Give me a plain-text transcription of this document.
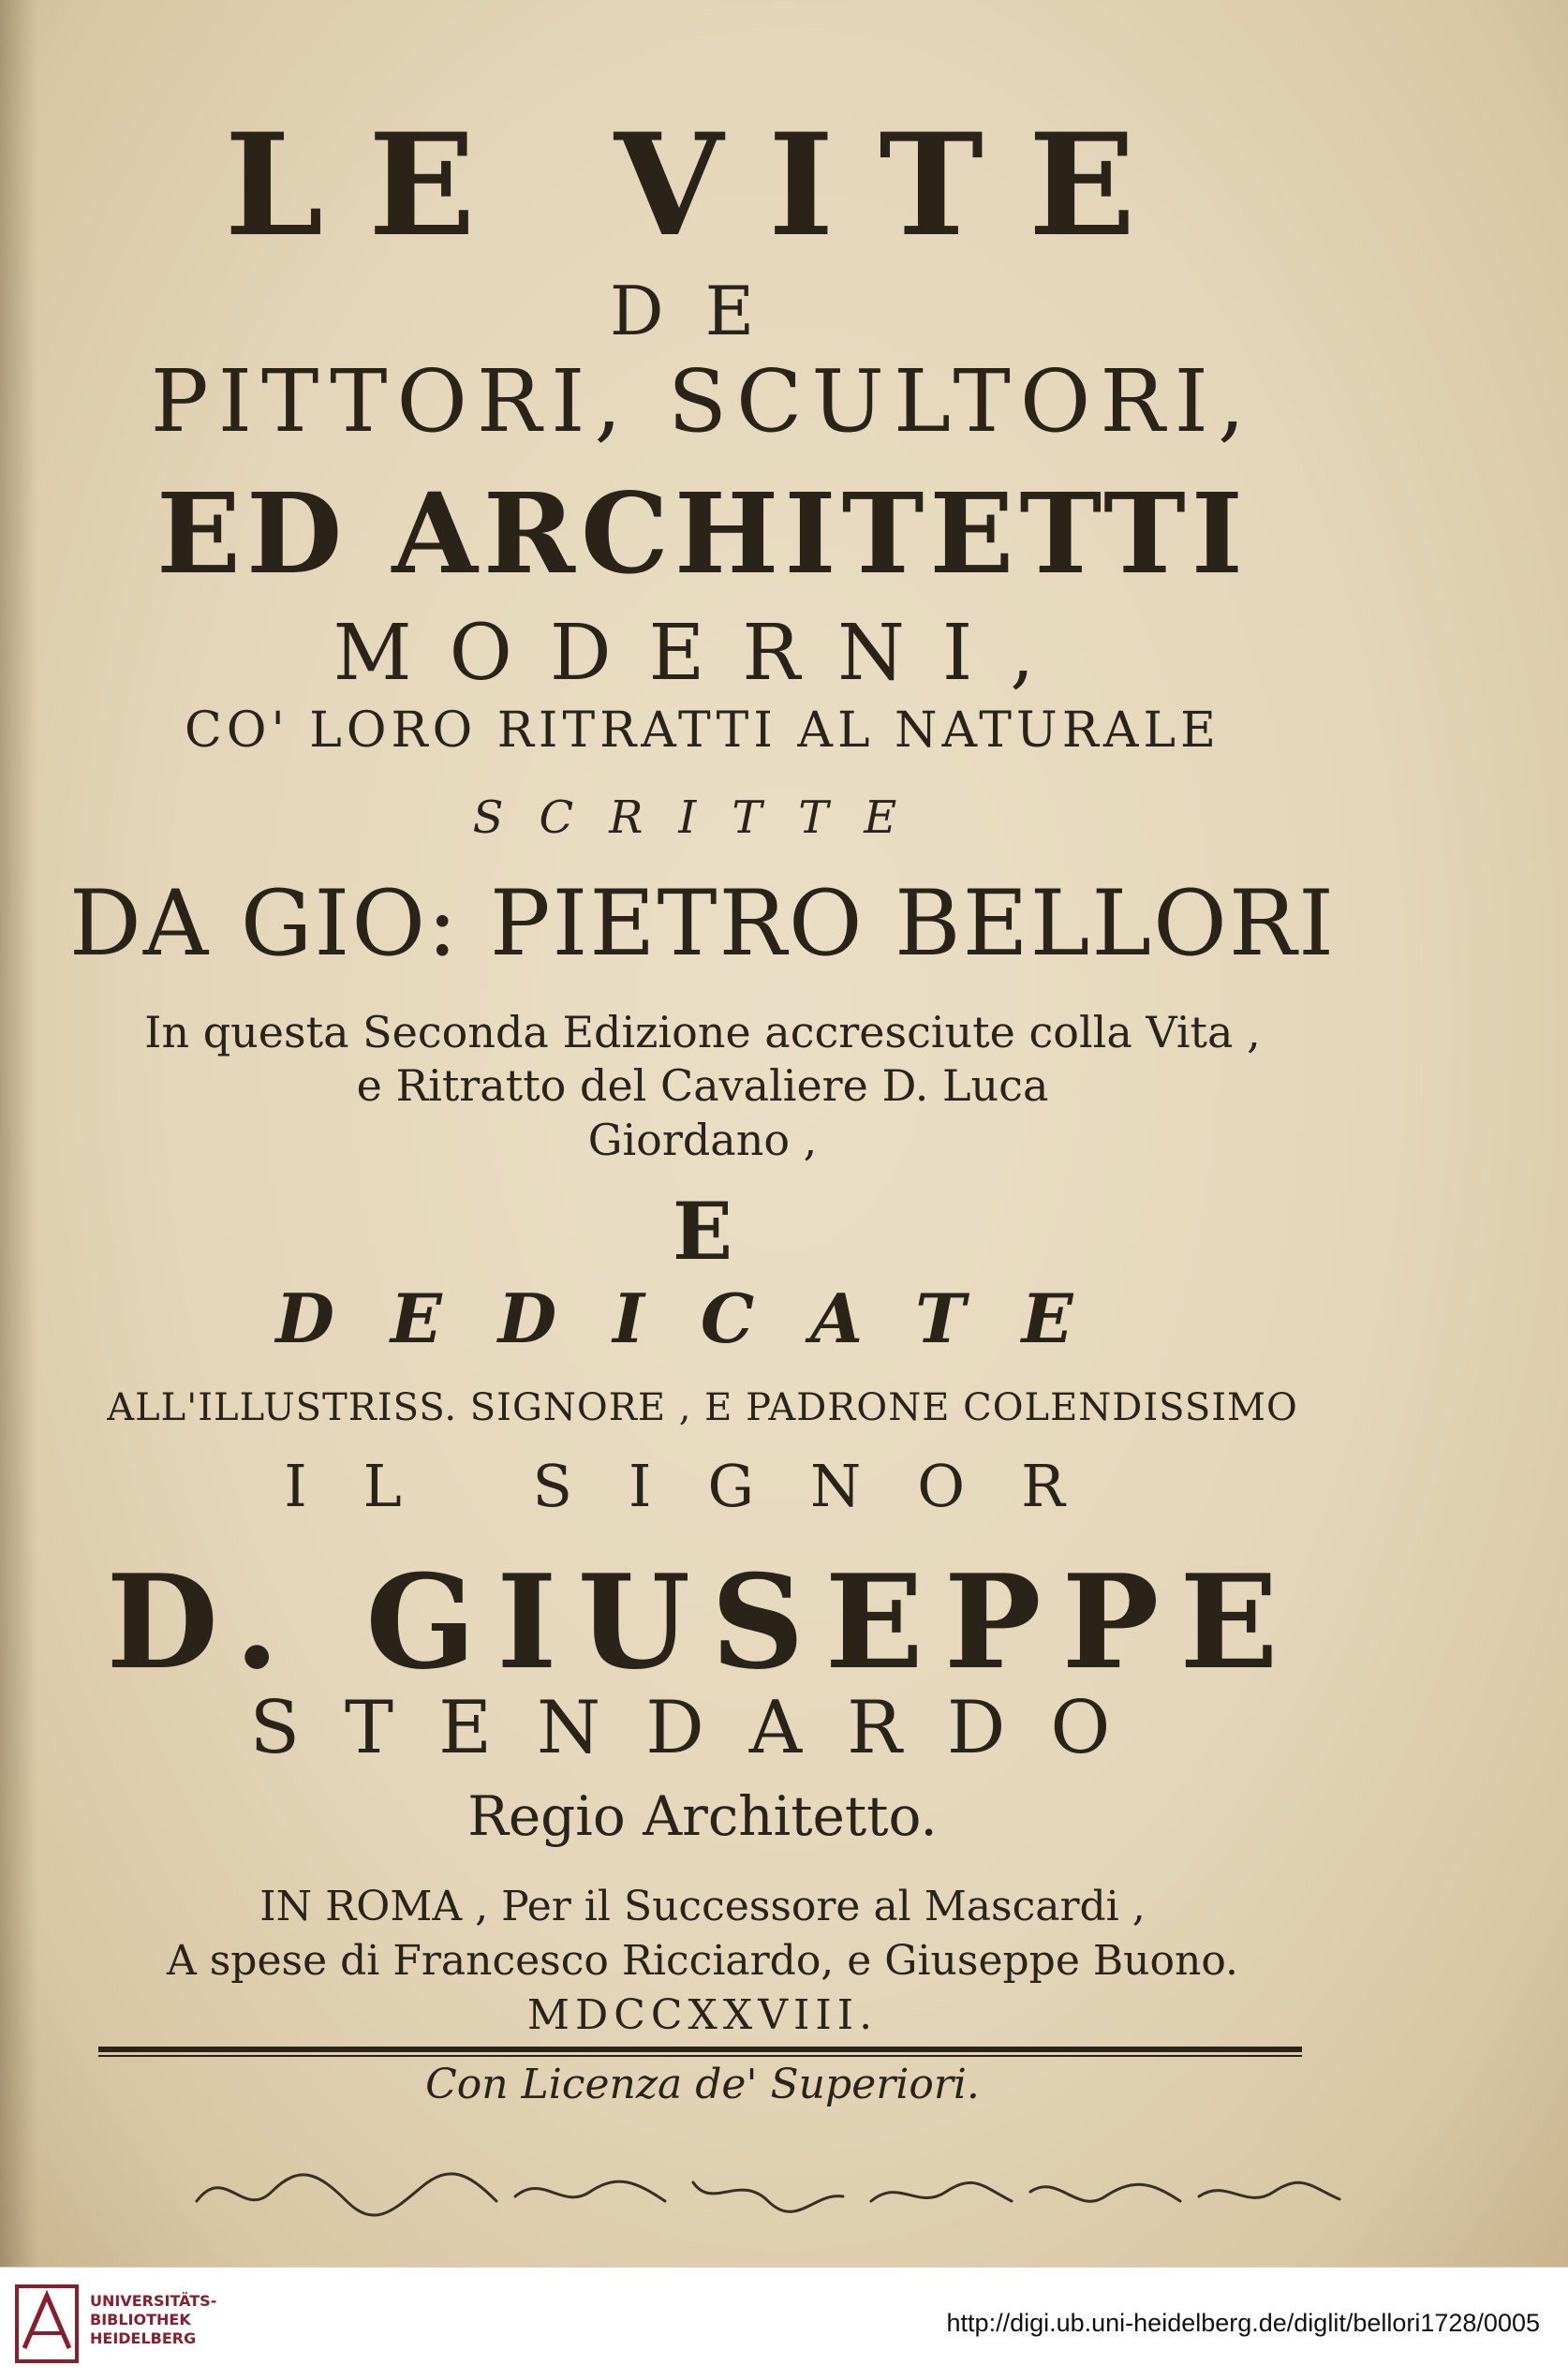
LE VITE
DE
PITTORI, SCULTORI,
ED ARCHITETTI
MODERNI,
CO' LORO RITRATTI AL NATURALE
SCRITTE
DA GIO: PIETRO BELLORI
In questa Seconda Edizione accresciute colla Vita ,
e Ritratto del Cavaliere D. Luca
Giordano ,
E
DEDICATE
ALL'ILLUSTRISS. SIGNORE , E PADRONE COLENDISSIMO
IL SIGNOR
D. GIUSEPPE
STENDARDO
Regio Architetto.
IN ROMA , Per il Successore al Mascardi ,
A spese di Francesco Ricciardo, e Giuseppe Buono.
MDCCXXVIII.
Con Licenza de' Superiori.
UNIVERSITÄTS-
BIBLIOTHEK
HEIDELBERG
http://digi.ub.uni-heidelberg.de/diglit/bellori1728/0005
